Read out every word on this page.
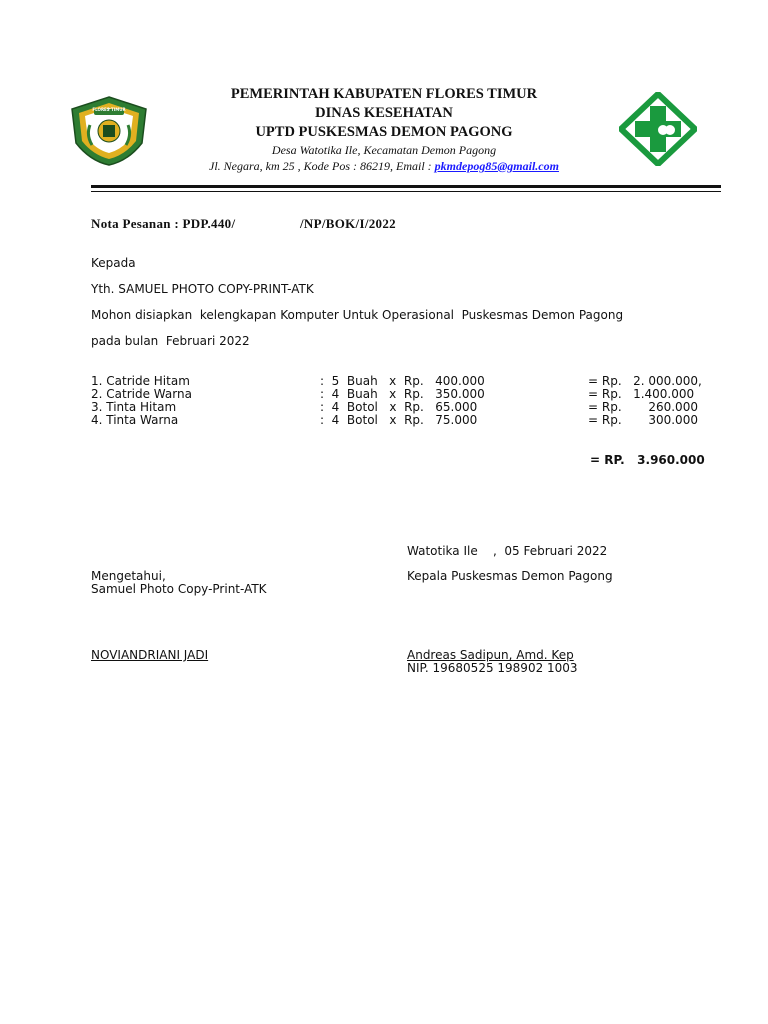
FLORES TIMUR
PEMERINTAH KABUPATEN FLORES TIMUR
DINAS KESEHATAN
UPTD PUSKESMAS DEMON PAGONG
Desa Watotika Ile, Kecamatan Demon Pagong
Jl. Negara, km 25 , Kode Pos : 86219, Email : pkmdepog85@gmail.com
Nota Pesanan : PDP.440/	/NP/BOK/I/2022
Kepada
Yth. SAMUEL PHOTO COPY-PRINT-ATK
Mohon disiapkan  kelengkapan Komputer Untuk Operasional  Puskesmas Demon Pagong
pada bulan  Februari 2022
1. Catride Hitam	:  5  Buah   x  Rp.   400.000	= Rp.   2. 000.000,
2. Catride Warna	:  4  Buah   x  Rp.   350.000	= Rp.   1.400.000
3. Tinta Hitam	:  4  Botol   x  Rp.   65.000	= Rp.       260.000
4. Tinta Warna	:  4  Botol   x  Rp.   75.000	= Rp.       300.000
= RP.   3.960.000
Watotika Ile    ,  05 Februari 2022
Mengetahui,
Samuel Photo Copy-Print-ATK
Kepala Puskesmas Demon Pagong
NOVIANDRIANI JADI	Andreas Sadipun, Amd. Kep
NIP. 19680525 198902 1003
